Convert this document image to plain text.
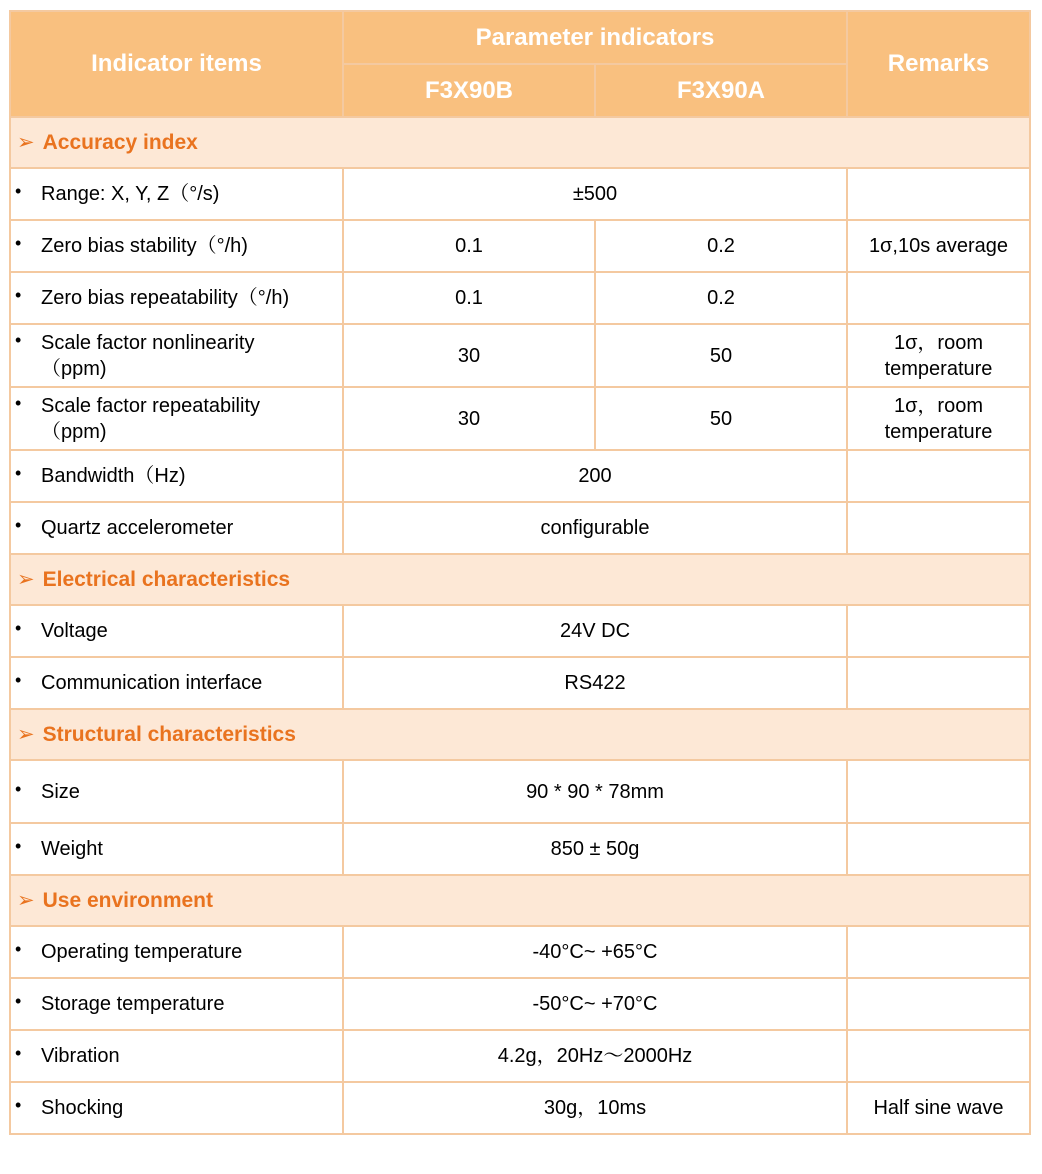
Indicator items	Parameter indicators		Remarks
	F3X90B	F3X90A	
➢ Accuracy index			

• Range: X, Y, Z（°/s)	±500		

• Zero bias stability（°/h)	0.1	0.2	1σ,10s average

• Zero bias repeatability（°/h)	0.1	0.2	

• Scale factor nonlinearity
（ppm)	30	50	1σ，room temperature

• Scale factor repeatability
（ppm)	30	50	1σ，room temperature

• Bandwidth（Hz)	200		

• Quartz accelerometer	configurable		
➢ Electrical characteristics			

• Voltage	24V DC		

• Communication interface	RS422		
➢ Structural characteristics			

• Size	90 * 90 * 78mm		

• Weight	850 ± 50g		
➢ Use environment			

• Operating temperature	-40°C~ +65°C		

• Storage temperature	-50°C~ +70°C		

• Vibration	4.2g，20Hz～2000Hz		

• Shocking	30g，10ms		Half sine wave
